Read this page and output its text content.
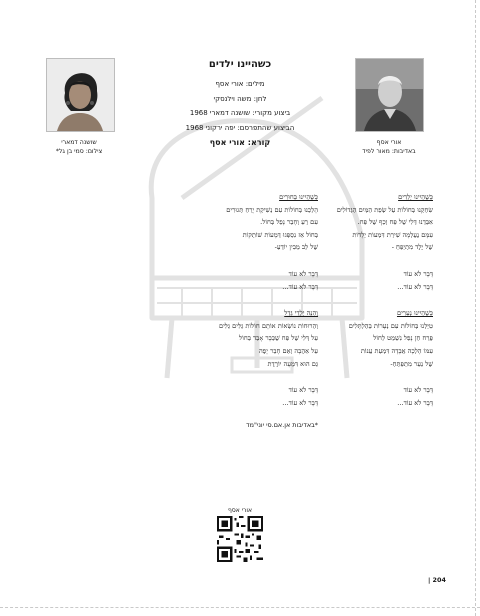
שושנה דמארי
צילום: סמי בן גל*
אורי אסף
באדיבות: מאור לפיד
כשהיינו ילדים
מילים: אורי אסף
לחן: משה וילנסקי
ביצוע מקורי: שושנה דמארי 1968
הביצוע שהתפרסם: יפה ירקוני 1968
קורא: אורי אסף
כְּשֶׁהָיִינוּ יְלָדִים
שִׂחַקְנוּ בְּחוֹלוֹת עַל שְׂפַת הַמַּיִם הַגְּדוֹלִים
אִבַּדְנוּ דְּלִי שֶׁל פַּח וְכַף שֶׁל פַּח.
עִמָּם נֶעֶלְמָה שִׁירַת דִּמְעוֹת יְלָדוֹת
שֶׁל יֶלֶד מִתְיַפֵּחַ -
דָּבָר לֹא עוֹד
דָּבָר לֹא עוֹד...
כְּשֶׁהָיִינוּ נְעָרִים
טִיַּלְנוּ בְּחוֹלוֹת עִם נְעָרוֹת בְּהַלְתָּלִים
פֶּרַח חֵן נָפַל נִשְׁמַט לַחוֹל
עִמּוֹ הָלְכָה אֲבָדָה דִּמְעַת עֲנוֹת
שֶׁל נַעַר מִתְפַּתֵּחַ-
דָּבָר לֹא עוֹד
דָּבָר לֹא עוֹד...
כְּשֶׁהָיִינוּ בַּחוּרִים
הָלַכְנוּ בְּחוֹלוֹת עִם נְשִׁיקַת יָרֵחַ תְּגוּרִים
עִם רֵעַ וְחָבֵר נָפַל בְּחוֹל.
בְּחוֹל אַז נִסְפְּגוּ דְּמָעוֹת שׁוֹתְקוֹת
שֶׁל לֵב מֵבִין יוֹדֵעַ-
דָּבָר לֹא עוֹד
דָּבָר לֹא עוֹד...
וְהִנֵּה יַלְדֵי גָּדֵל
וְהַרוּחוֹת נוֹשְׂאוֹת אוֹתָם חוֹלוֹת גַּלִּים גַּלִּים
עַל דְּלִי שֶׁל פַּח שֶׁכְּבָר אָבַד בְּחוֹל
עַל אַהֲבָה וְאֵם חָבֵר יָפֶה
גַּם הוּא דִּמְעָה יוֹרֶדֶת
דָּבָר לֹא עוֹד
דָּבָר לֹא עוֹד...
*באדיבות אן.אם.סי יוני"מד
אורי אסף
| 204
